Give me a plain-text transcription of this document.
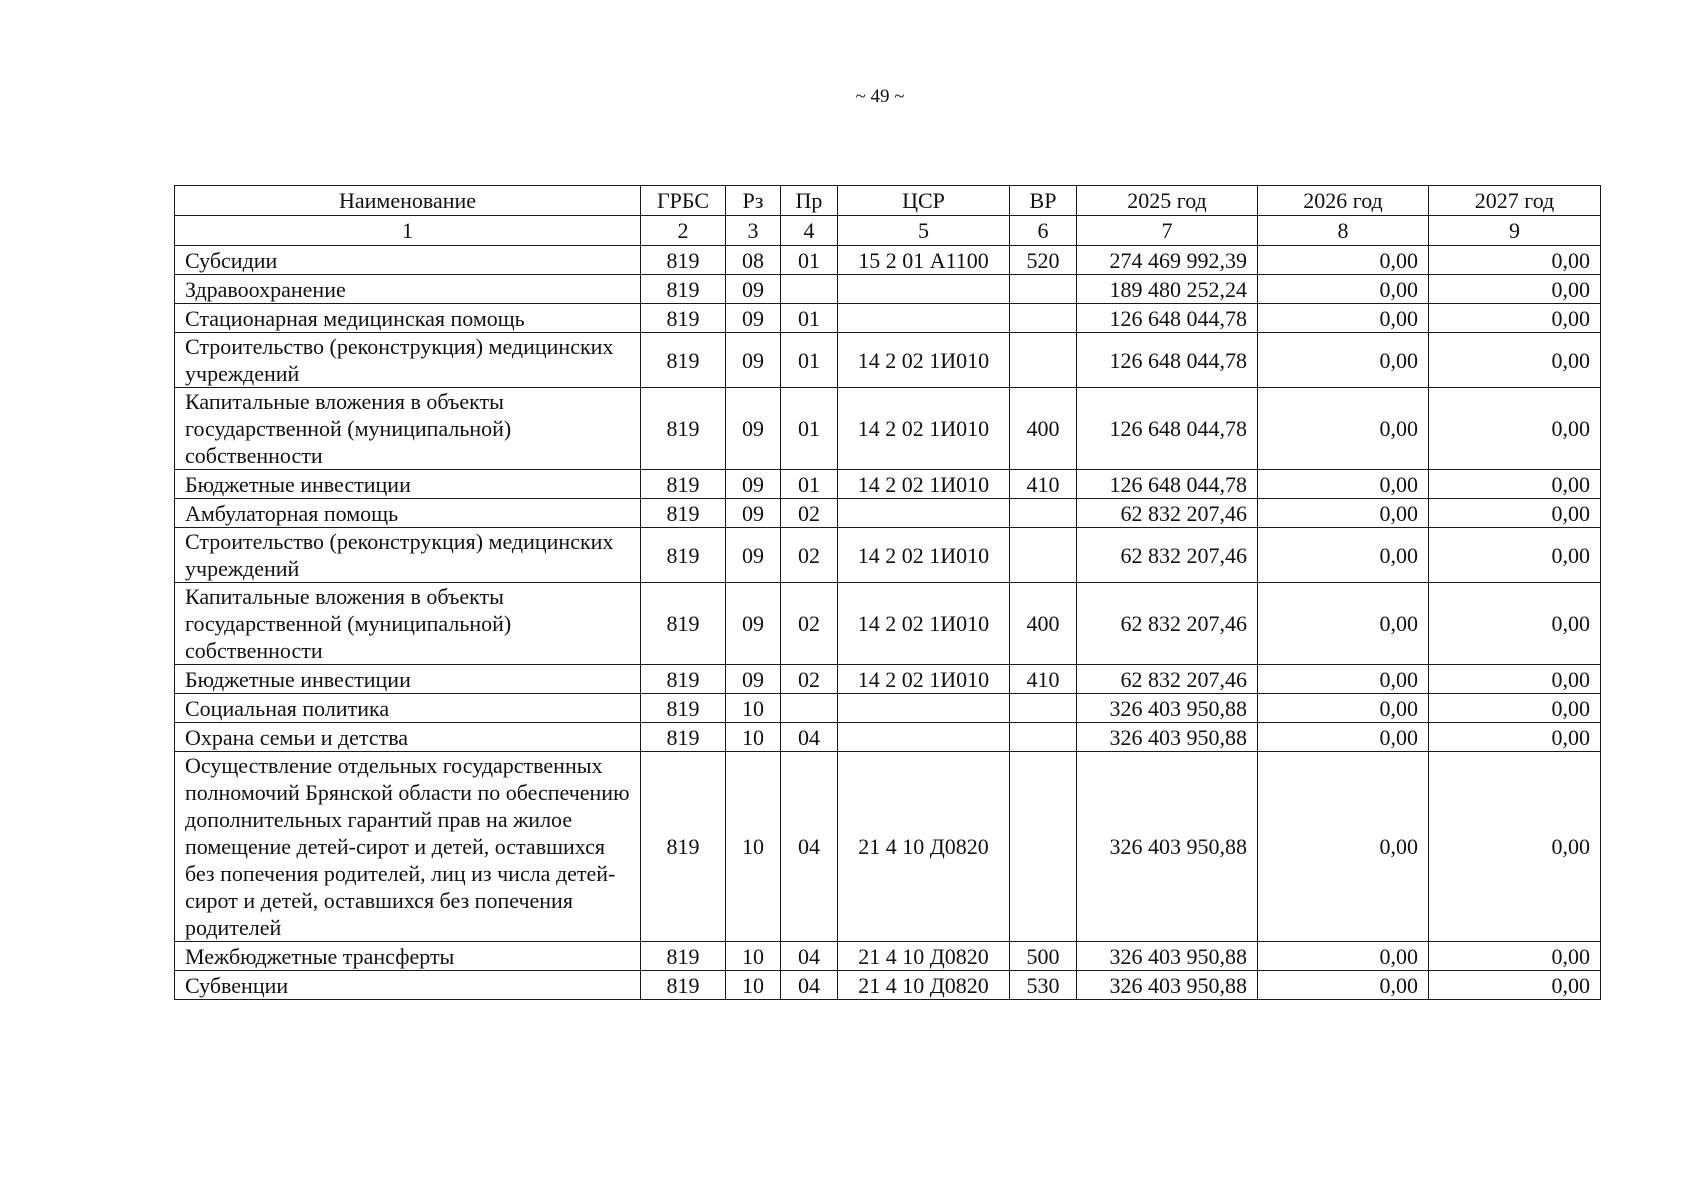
~ 49 ~
Наименование	ГРБС	Рз	Пр	ЦСР	ВР	2025 год	2026 год	2027 год
1	2	3	4	5	6	7	8	9
Субсидии	819	08	01	15 2 01 А1100	520	274 469 992,39	0,00	0,00
Здравоохранение	819	09				189 480 252,24	0,00	0,00
Стационарная медицинская помощь	819	09	01			126 648 044,78	0,00	0,00
Строительство (реконструкция) медицинских учреждений	819	09	01	14 2 02 1И010		126 648 044,78	0,00	0,00
Капитальные вложения в объекты государственной (муниципальной) собственности	819	09	01	14 2 02 1И010	400	126 648 044,78	0,00	0,00
Бюджетные инвестиции	819	09	01	14 2 02 1И010	410	126 648 044,78	0,00	0,00
Амбулаторная помощь	819	09	02			62 832 207,46	0,00	0,00
Строительство (реконструкция) медицинских учреждений	819	09	02	14 2 02 1И010		62 832 207,46	0,00	0,00
Капитальные вложения в объекты государственной (муниципальной) собственности	819	09	02	14 2 02 1И010	400	62 832 207,46	0,00	0,00
Бюджетные инвестиции	819	09	02	14 2 02 1И010	410	62 832 207,46	0,00	0,00
Социальная политика	819	10				326 403 950,88	0,00	0,00
Охрана семьи и детства	819	10	04			326 403 950,88	0,00	0,00
Осуществление отдельных государственных полномочий Брянской области по обеспечению дополнительных гарантий прав на жилое помещение детей-сирот и детей, оставшихся без попечения родителей, лиц из числа детей-сирот и детей, оставшихся без попечения родителей	819	10	04	21 4 10 Д0820		326 403 950,88	0,00	0,00
Межбюджетные трансферты	819	10	04	21 4 10 Д0820	500	326 403 950,88	0,00	0,00
Субвенции	819	10	04	21 4 10 Д0820	530	326 403 950,88	0,00	0,00
